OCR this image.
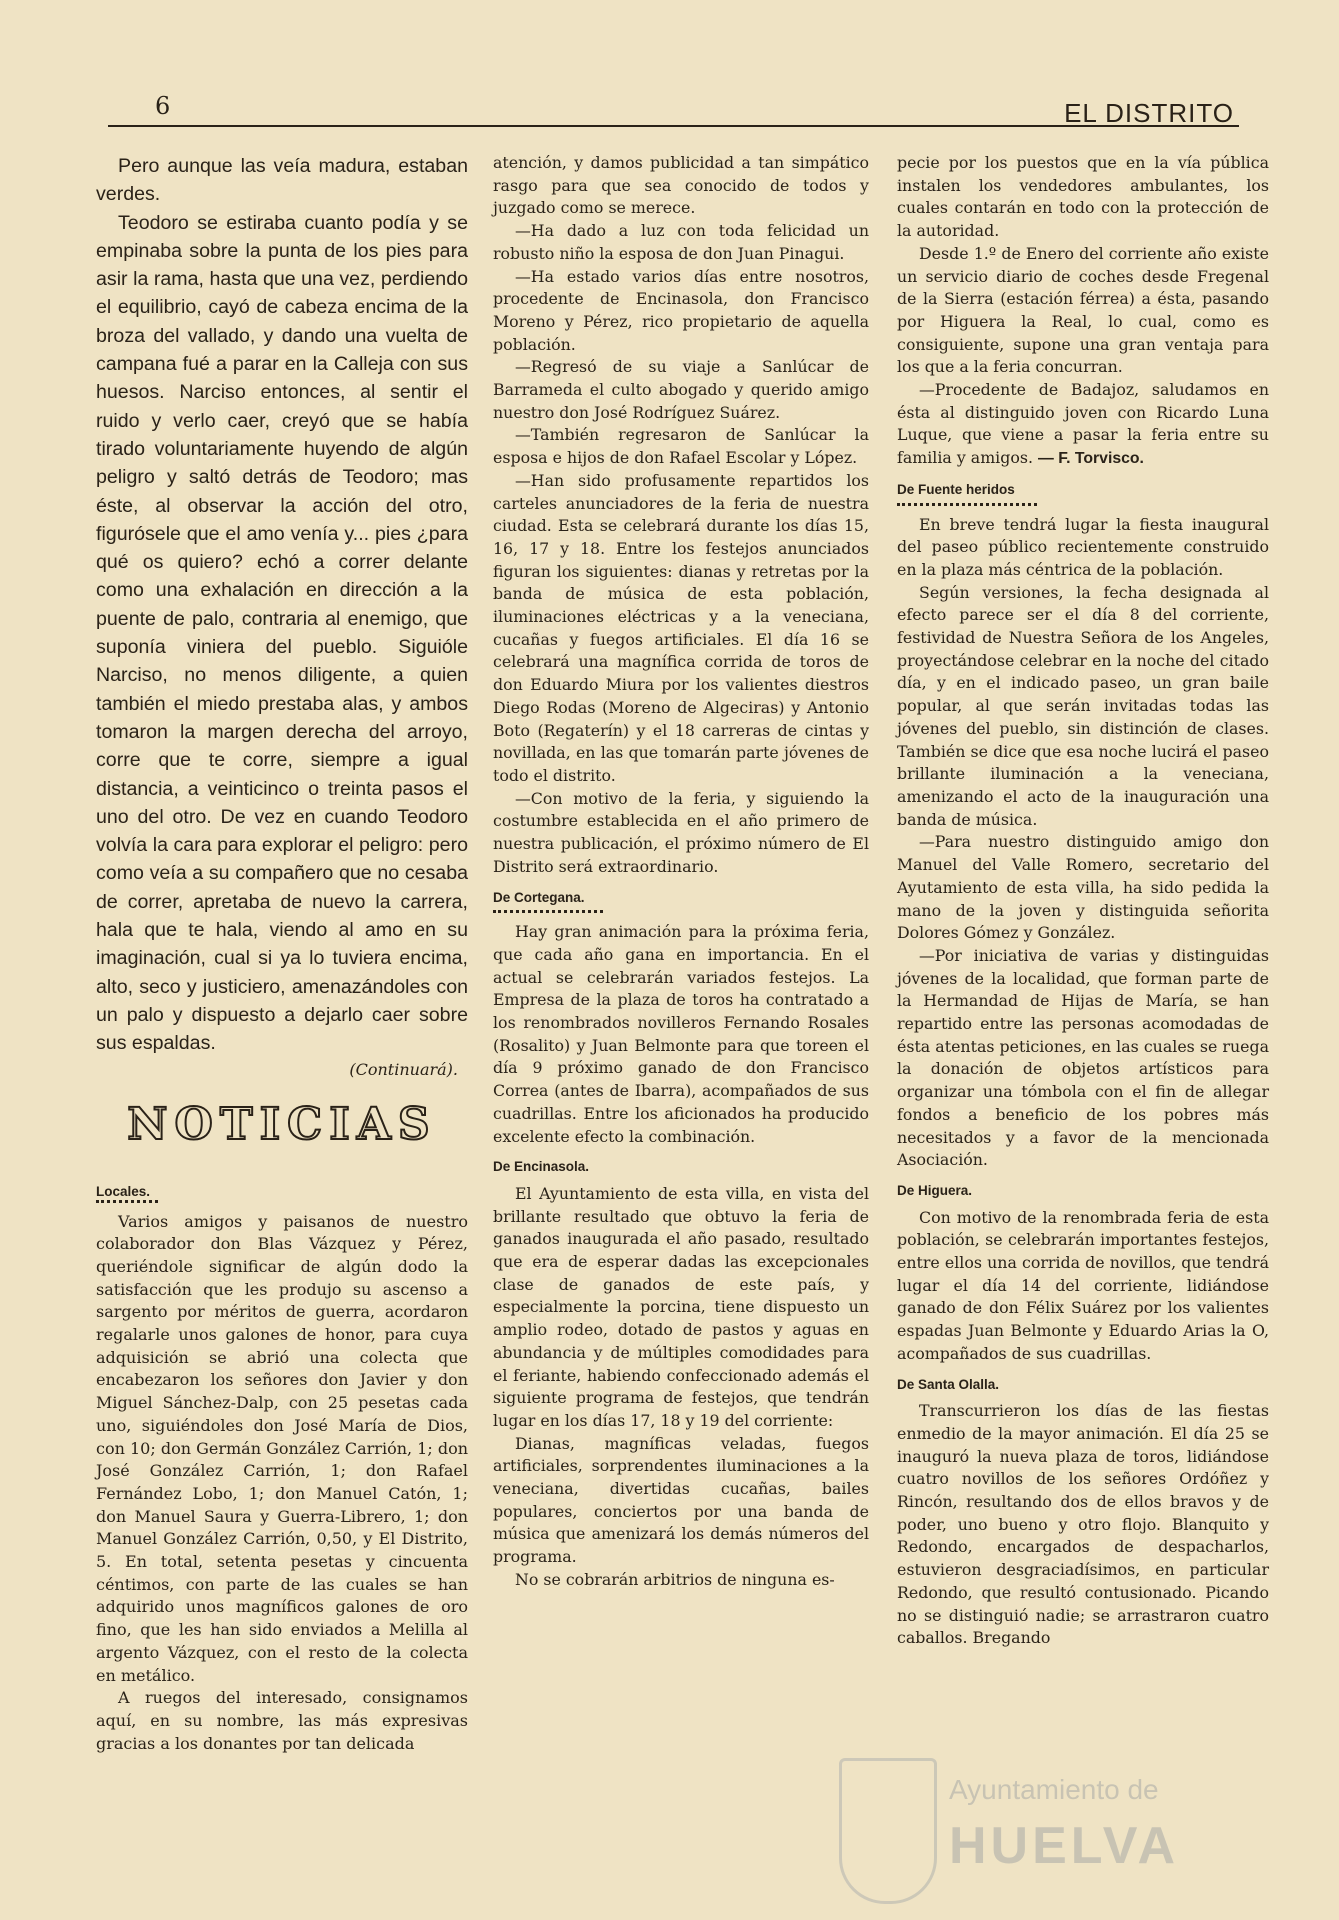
6	EL DISTRITO

Pero aunque las veía madura, estaban verdes.

Teodoro se estiraba cuanto podía y se empinaba sobre la punta de los pies para asir la rama, hasta que una vez, perdiendo el equilibrio, cayó de cabeza encima de la broza del vallado, y dando una vuelta de campana fué a parar en la Calleja con sus huesos. Narciso entonces, al sentir el ruido y verlo caer, creyó que se había tirado voluntariamente huyendo de algún peligro y saltó detrás de Teodoro; mas éste, al observar la acción del otro, figurósele que el amo venía y... pies ¿para qué os quiero? echó a correr delante como una exhalación en dirección a la puente de palo, contraria al enemigo, que suponía viniera del pueblo. Siguióle Narciso, no menos diligente, a quien también el miedo prestaba alas, y ambos tomaron la margen derecha del arroyo, corre que te corre, siempre a igual distancia, a veinticinco o treinta pasos el uno del otro. De vez en cuando Teodoro volvía la cara para explorar el peligro: pero como veía a su compañero que no cesaba de correr, apretaba de nuevo la carrera, hala que te hala, viendo al amo en su imaginación, cual si ya lo tuviera encima, alto, seco y justiciero, amenazándoles con un palo y dispuesto a dejarlo caer sobre sus espaldas.

(Continuará).
NOTICIAS
Locales.

Varios amigos y paisanos de nuestro colaborador don Blas Vázquez y Pérez, queriéndole significar de algún dodo la satisfacción que les produjo su ascenso a sargento por méritos de guerra, acordaron regalarle unos galones de honor, para cuya adquisición se abrió una colecta que encabezaron los señores don Javier y don Miguel Sánchez-Dalp, con 25 pesetas cada uno, siguiéndoles don José María de Dios, con 10; don Germán González Carrión, 1; don José González Carrión, 1; don Rafael Fernández Lobo, 1; don Manuel Catón, 1; don Manuel Saura y Guerra-Librero, 1; don Manuel González Carrión, 0,50, y El Distrito, 5. En total, setenta pesetas y cincuenta céntimos, con parte de las cuales se han adquirido unos magníficos galones de oro fino, que les han sido enviados a Melilla al argento Vázquez, con el resto de la colecta en metálico.

A ruegos del interesado, consignamos aquí, en su nombre, las más expresivas gracias a los donantes por tan delicada

atención, y damos publicidad a tan simpático rasgo para que sea conocido de todos y juzgado como se merece.

—Ha dado a luz con toda felicidad un robusto niño la esposa de don Juan Pinagui.

—Ha estado varios días entre nosotros, procedente de Encinasola, don Francisco Moreno y Pérez, rico propietario de aquella población.

—Regresó de su viaje a Sanlúcar de Barrameda el culto abogado y querido amigo nuestro don José Rodríguez Suárez.

—También regresaron de Sanlúcar la esposa e hijos de don Rafael Escolar y López.

—Han sido profusamente repartidos los carteles anunciadores de la feria de nuestra ciudad. Esta se celebrará durante los días 15, 16, 17 y 18. Entre los festejos anunciados figuran los siguientes: dianas y retretas por la banda de música de esta población, iluminaciones eléctricas y a la veneciana, cucañas y fuegos artificiales. El día 16 se celebrará una magnífica corrida de toros de don Eduardo Miura por los valientes diestros Diego Rodas (Moreno de Algeciras) y Antonio Boto (Regaterín) y el 18 carreras de cintas y novillada, en las que tomarán parte jóvenes de todo el distrito.

—Con motivo de la feria, y siguiendo la costumbre establecida en el año primero de nuestra publicación, el próximo número de El Distrito será extraordinario.

De Cortegana.

Hay gran animación para la próxima feria, que cada año gana en importancia. En el actual se celebrarán variados festejos. La Empresa de la plaza de toros ha contratado a los renombrados novilleros Fernando Rosales (Rosalito) y Juan Belmonte para que toreen el día 9 próximo ganado de don Francisco Correa (antes de Ibarra), acompañados de sus cuadrillas. Entre los aficionados ha producido excelente efecto la combinación.

De Encinasola.

El Ayuntamiento de esta villa, en vista del brillante resultado que obtuvo la feria de ganados inaugurada el año pasado, resultado que era de esperar dadas las excepcionales clase de ganados de este país, y especialmente la porcina, tiene dispuesto un amplio rodeo, dotado de pastos y aguas en abundancia y de múltiples comodidades para el feriante, habiendo confeccionado además el siguiente programa de festejos, que tendrán lugar en los días 17, 18 y 19 del corriente:

Dianas, magníficas veladas, fuegos artificiales, sorprendentes iluminaciones a la veneciana, divertidas cucañas, bailes populares, conciertos por una banda de música que amenizará los demás números del programa.

No se cobrarán arbitrios de ninguna es-

pecie por los puestos que en la vía pública instalen los vendedores ambulantes, los cuales contarán en todo con la protección de la autoridad.

Desde 1.º de Enero del corriente año existe un servicio diario de coches desde Fregenal de la Sierra (estación férrea) a ésta, pasando por Higuera la Real, lo cual, como es consiguiente, supone una gran ventaja para los que a la feria concurran.

—Procedente de Badajoz, saludamos en ésta al distinguido joven con Ricardo Luna Luque, que viene a pasar la feria entre su familia y amigos. — F. Torvisco.

De Fuente heridos

En breve tendrá lugar la fiesta inaugural del paseo público recientemente construido en la plaza más céntrica de la población.

Según versiones, la fecha designada al efecto parece ser el día 8 del corriente, festividad de Nuestra Señora de los Angeles, proyectándose celebrar en la noche del citado día, y en el indicado paseo, un gran baile popular, al que serán invitadas todas las jóvenes del pueblo, sin distinción de clases. También se dice que esa noche lucirá el paseo brillante iluminación a la veneciana, amenizando el acto de la inauguración una banda de música.

—Para nuestro distinguido amigo don Manuel del Valle Romero, secretario del Ayutamiento de esta villa, ha sido pedida la mano de la joven y distinguida señorita Dolores Gómez y González.

—Por iniciativa de varias y distinguidas jóvenes de la localidad, que forman parte de la Hermandad de Hijas de María, se han repartido entre las personas acomodadas de ésta atentas peticiones, en las cuales se ruega la donación de objetos artísticos para organizar una tómbola con el fin de allegar fondos a beneficio de los pobres más necesitados y a favor de la mencionada Asociación.

De Higuera.

Con motivo de la renombrada feria de esta población, se celebrarán importantes festejos, entre ellos una corrida de novillos, que tendrá lugar el día 14 del corriente, lidiándose ganado de don Félix Suárez por los valientes espadas Juan Belmonte y Eduardo Arias la O, acompañados de sus cuadrillas.

De Santa Olalla.

Transcurrieron los días de las fiestas enmedio de la mayor animación. El día 25 se inauguró la nueva plaza de toros, lidiándose cuatro novillos de los señores Ordóñez y Rincón, resultando dos de ellos bravos y de poder, uno bueno y otro flojo. Blanquito y Redondo, encargados de despacharlos, estuvieron desgraciadísimos, en particular Redondo, que resultó contusionado. Picando no se distinguió nadie; se arrastraron cuatro caballos. Bregando

Ayuntamiento de
HUELVA
